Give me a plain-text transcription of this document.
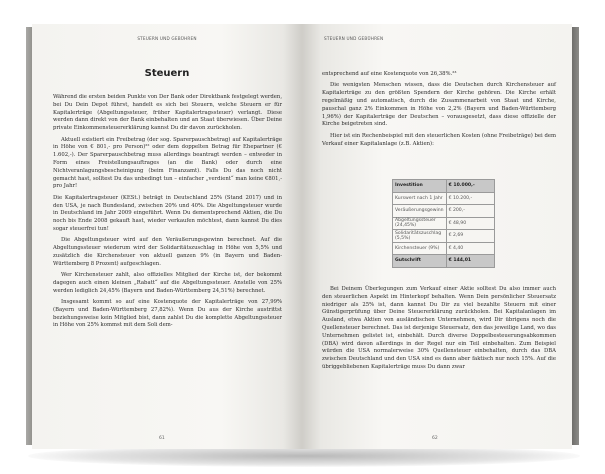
STEUERN UND GEBÜHREN
Steuern

Während die ersten beiden Punkte von Der Bank oder Direktbank festgelegt werden, bei Du Dein Depot führst, handelt es sich bei Steuern, welche Steuern er für Kapitalerträge (Abgeltungssteuer, früher Kapitalertragssteuer) verlangt. Diese werden dann direkt von der Bank einbehalten und an Staat überwiesen. Über Deine private Einkommensteuererklärung kannst Du dir davon zurückholen.

Aktuell existiert ein Freibetrag (der sog. Sparerpauschbetrag) auf Kapitalerträge in Höhe von € 801,- pro Person)²² oder dem doppelten Betrag für Ehepartner (€ 1.602,-). Der Sparerpauschbetrag muss allerdings beantragt werden – entweder in Form eines Freistellungsauftrages (an die Bank) oder durch eine Nichtveranlagungsbescheinigung (beim Finanzamt). Falls Du das noch nicht gemacht hast, solltest Du das unbedingt tun – einfacher „verdient“ man keine €801,- pro Jahr!

Die Kapitalertragsteuer (KESt.) beträgt in Deutschland 25% (Stand 2017) und in den USA, je nach Bundesland, zwischen 20% und 40%. Die Abgeltungsteuer wurde in Deutschland im Jahr 2009 eingeführt. Wenn Du dementsprechend Aktien, die Du noch bis Ende 2008 gekauft hast, wieder verkaufen möchtest, dann kannst Du dies sogar steuerfrei tun!

Die Abgeltungsteuer wird auf den Veräußerungsgewinn berechnet. Auf die Abgeltungssteuer wiederum wird der Solidaritätszuschlag in Höhe von 5,5% und zusätzlich die Kirchensteuer von aktuell ganzen 9% (in Bayern und Baden-Württemberg 8 Prozent) aufgeschlagen.

Wer Kirchensteuer zahlt, also offizielles Mitglied der Kirche ist, der bekommt dagegen auch einen kleinen „Rabatt“ auf die Abgeltungssteuer. Anstelle von 25% werden lediglich 24,45% (Bayern und Baden-Württemberg 24,51%) berechnet.

Insgesamt kommt so auf eine Kostenquote der Kapitalerträge von 27,99% (Bayern und Baden-Württemberg 27,82%). Wenn Du aus der Kirche austrittst beziehungsweise kein Mitglied bist, dann zahlst Du die komplette Abgeltungssteuer in Höhe von 25% kommst mit dem Soli dem-

61
STEUERN UND GEBÜHREN

entsprechend auf eine Kostenquote von 26,38%.²³

Die wenigsten Menschen wissen, dass die Deutschen durch Kirchensteuer auf Kapitalerträge zu den größten Spendern der Kirche gehören. Die Kirche erhält regelmäßig und automatisch, durch die Zusammenarbeit von Staat und Kirche, pauschal ganz 2% Einkommen in Höhe von 2,2% (Bayern und Baden-Württemberg 1,96%) der Kapitalerträge der Deutschen – vorausgesetzt, dass diese offizielle der Kirche beigetreten sind.

Hier ist ein Rechenbeispiel mit den steuerlichen Kosten (ohne Freibeträge) bei dem Verkauf einer Kapitalanlage (z.B. Aktien):

Investition	€ 10.000,-
Kurswert nach 1 Jahr	€ 10.200,-
Veräußerungsgewinn	€ 200,-
Abgeltungssteuer (24,45%)	€ 48,90
Solidaritätszuschlag (5,5%)	€ 2,69
Kirchensteuer (9%)	€ 4,40
Gutschrift	€ 144,01

Bei Deinem Überlegungen zum Verkauf einer Aktie solltest Du also immer auch den steuerlichen Aspekt im Hinterkopf behalten. Wenn Dein persönlicher Steuersatz niedriger als 25% ist, dann kannst Du Dir zu viel bezahlte Steuern mit einer Günstigerprüfung über Deine Steuererklärung zurückholen. Bei Kapitalanlagen im Ausland, etwa Aktien von ausländischen Unternehmen, wird Dir übrigens noch die Quellensteuer berechnet. Das ist derjenige Steuersatz, den das jeweilige Land, wo das Unternehmen gelistet ist, einbehält. Durch diverse Doppelbesteuerungsabkommen (DBA) wird davon allerdings in der Regel nur ein Teil einbehalten. Zum Beispiel würden die USA normalerweise 30% Quellensteuer einbehalten, durch das DBA zwischen Deutschland und den USA sind es dann aber faktisch nur noch 15%. Auf die übriggebliebenen Kapitalerträge muss Du dann zwar

62
